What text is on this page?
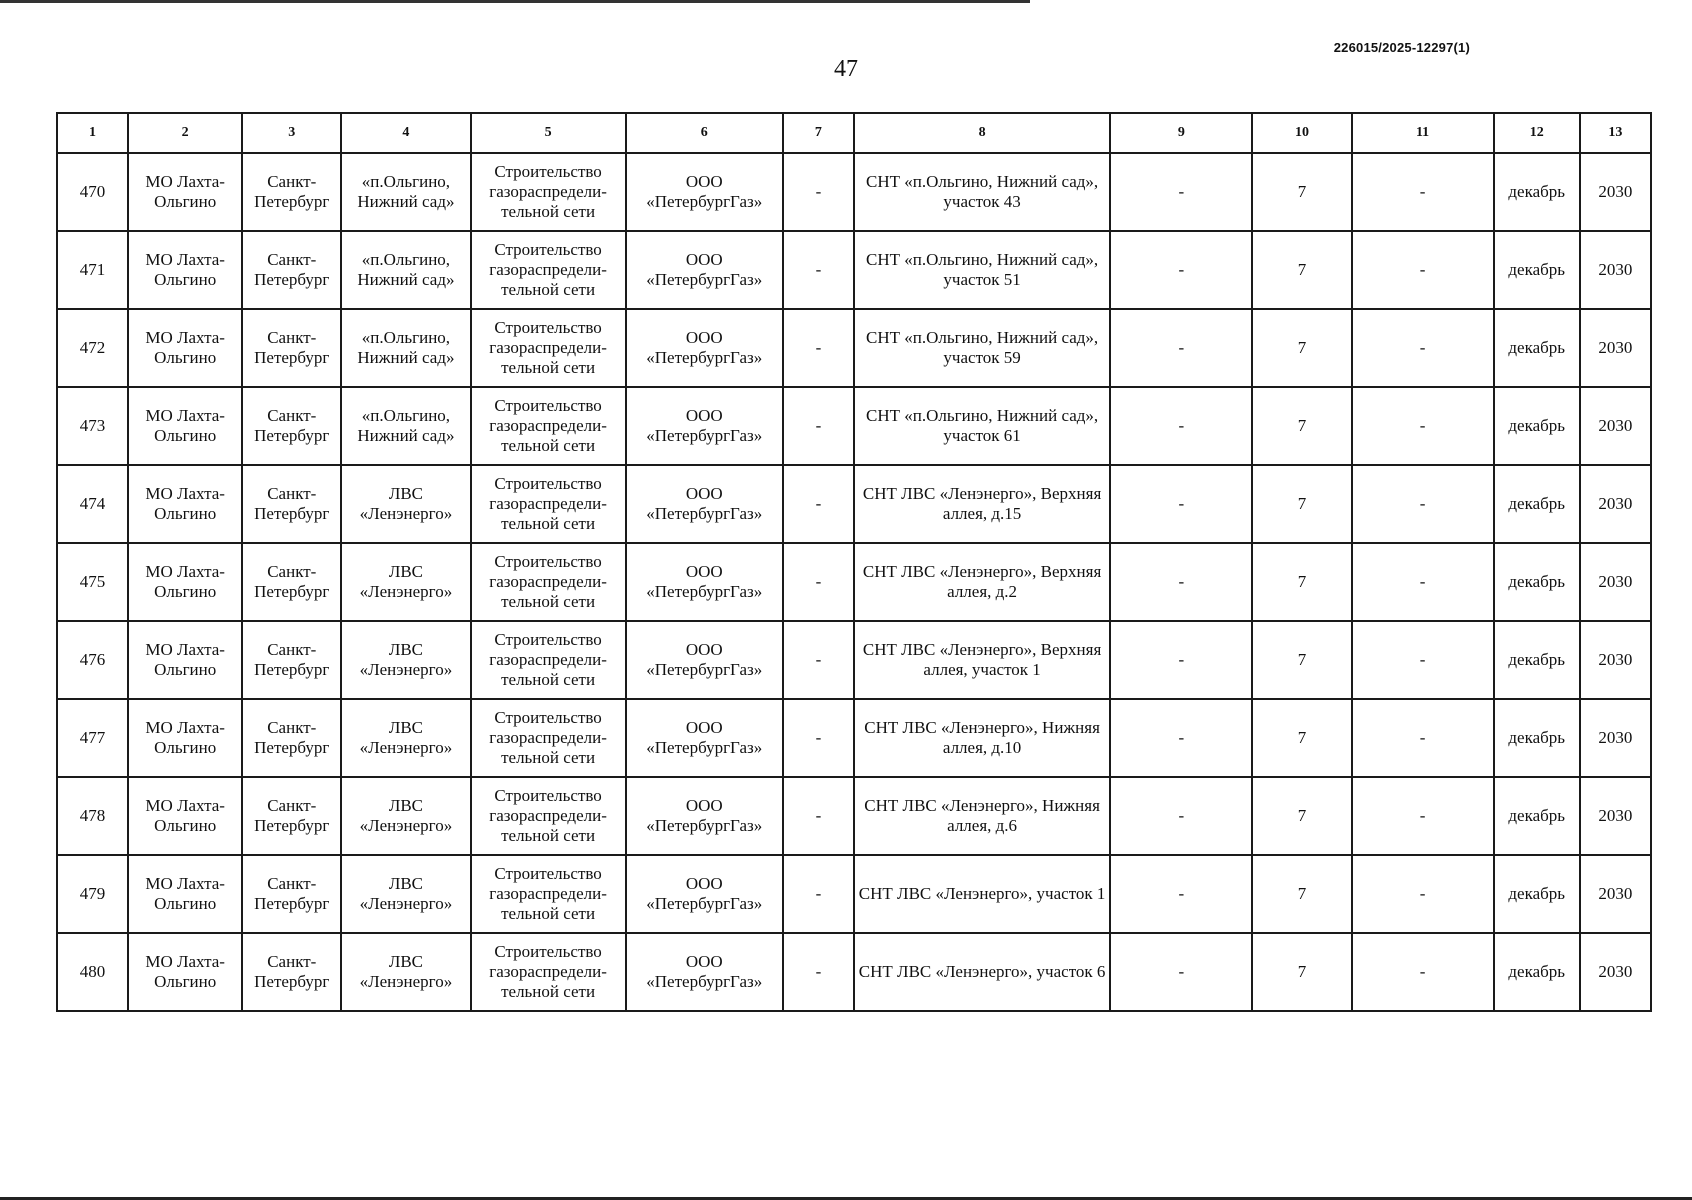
47
226015/2025-12297(1)
1	2	3	4	5	6	7	8	9	10	11	12	13
470	МО Лахта-Ольгино	Санкт-Петербург	«п.Ольгино, Нижний сад»	Строительство газораспредели-тельной сети	ООО «ПетербургГаз»	-	СНТ «п.Ольгино, Нижний сад», участок 43	-	7	-	декабрь	2030
471	МО Лахта-Ольгино	Санкт-Петербург	«п.Ольгино, Нижний сад»	Строительство газораспредели-тельной сети	ООО «ПетербургГаз»	-	СНТ «п.Ольгино, Нижний сад», участок 51	-	7	-	декабрь	2030
472	МО Лахта-Ольгино	Санкт-Петербург	«п.Ольгино, Нижний сад»	Строительство газораспредели-тельной сети	ООО «ПетербургГаз»	-	СНТ «п.Ольгино, Нижний сад», участок 59	-	7	-	декабрь	2030
473	МО Лахта-Ольгино	Санкт-Петербург	«п.Ольгино, Нижний сад»	Строительство газораспредели-тельной сети	ООО «ПетербургГаз»	-	СНТ «п.Ольгино, Нижний сад», участок 61	-	7	-	декабрь	2030
474	МО Лахта-Ольгино	Санкт-Петербург	ЛВС «Ленэнерго»	Строительство газораспредели-тельной сети	ООО «ПетербургГаз»	-	СНТ ЛВС «Ленэнерго», Верхняя аллея, д.15	-	7	-	декабрь	2030
475	МО Лахта-Ольгино	Санкт-Петербург	ЛВС «Ленэнерго»	Строительство газораспредели-тельной сети	ООО «ПетербургГаз»	-	СНТ ЛВС «Ленэнерго», Верхняя аллея, д.2	-	7	-	декабрь	2030
476	МО Лахта-Ольгино	Санкт-Петербург	ЛВС «Ленэнерго»	Строительство газораспредели-тельной сети	ООО «ПетербургГаз»	-	СНТ ЛВС «Ленэнерго», Верхняя аллея, участок 1	-	7	-	декабрь	2030
477	МО Лахта-Ольгино	Санкт-Петербург	ЛВС «Ленэнерго»	Строительство газораспредели-тельной сети	ООО «ПетербургГаз»	-	СНТ ЛВС «Ленэнерго», Нижняя аллея, д.10	-	7	-	декабрь	2030
478	МО Лахта-Ольгино	Санкт-Петербург	ЛВС «Ленэнерго»	Строительство газораспредели-тельной сети	ООО «ПетербургГаз»	-	СНТ ЛВС «Ленэнерго», Нижняя аллея, д.6	-	7	-	декабрь	2030
479	МО Лахта-Ольгино	Санкт-Петербург	ЛВС «Ленэнерго»	Строительство газораспредели-тельной сети	ООО «ПетербургГаз»	-	СНТ ЛВС «Ленэнерго», участок 1	-	7	-	декабрь	2030
480	МО Лахта-Ольгино	Санкт-Петербург	ЛВС «Ленэнерго»	Строительство газораспредели-тельной сети	ООО «ПетербургГаз»	-	СНТ ЛВС «Ленэнерго», участок 6	-	7	-	декабрь	2030
